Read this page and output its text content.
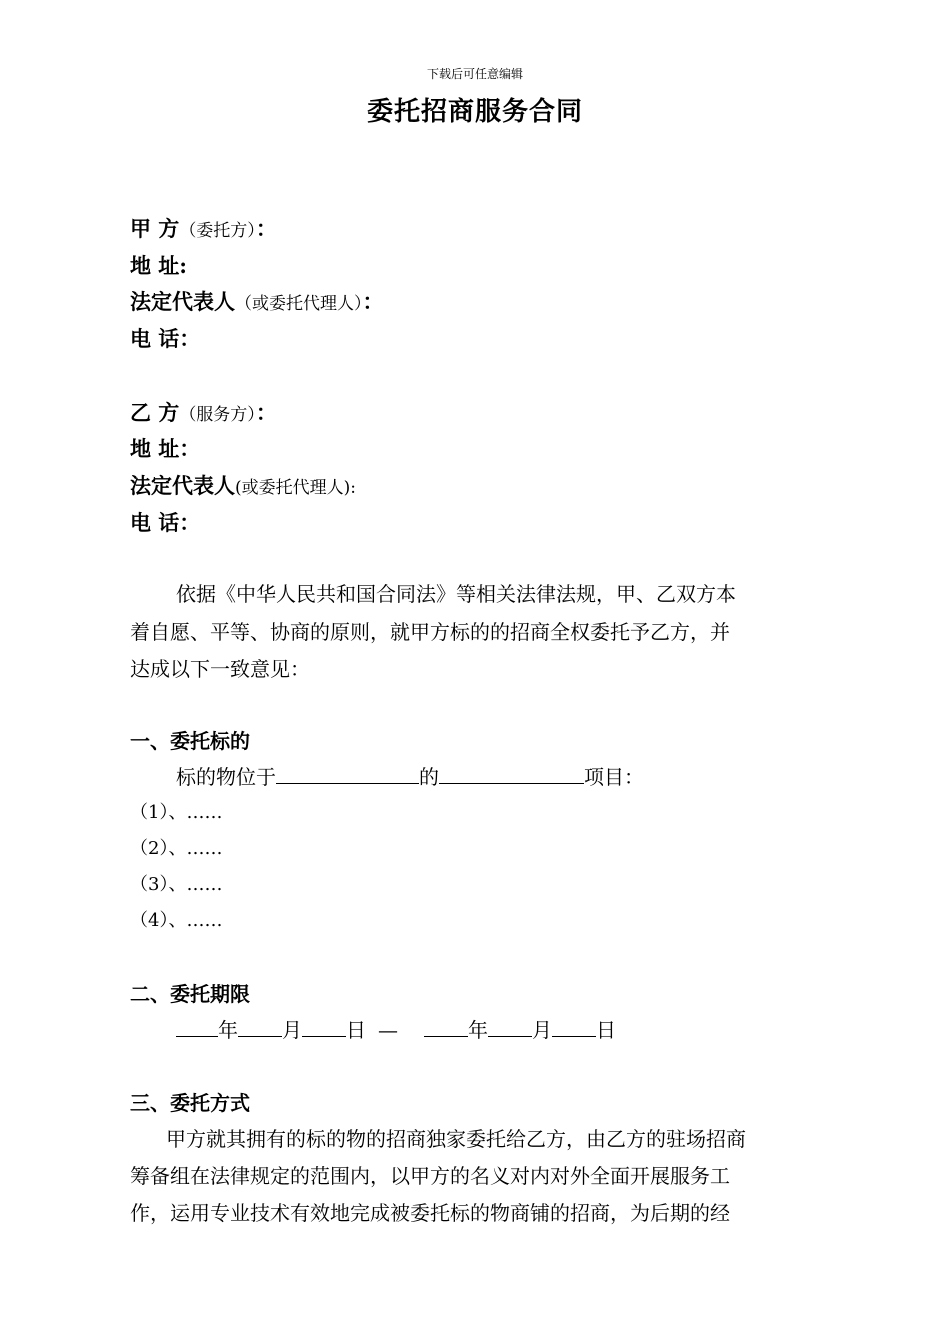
下载后可任意编辑
委托招商服务合同
甲 方（委托方）：
地 址:
法定代表人（或委托代理人）：
电 话：
乙 方（服务方）：
地 址：
法定代表人(或委托代理人):
电 话：
依据《中华人民共和国合同法》等相关法律法规，甲、乙双方本
着自愿、平等、协商的原则，就甲方标的的招商全权委托予乙方，并
达成以下一致意见：
一、委托标的
标的物位于	的	项目：
（1）、……
（2）、……
（3）、……
（4）、……
二、委托期限
年 月 日 —	年 月 日
三、委托方式
甲方就其拥有的标的物的招商独家委托给乙方，由乙方的驻场招商
筹备组在法律规定的范围内，以甲方的名义对内对外全面开展服务工
作，运用专业技术有效地完成被委托标的物商铺的招商，为后期的经
